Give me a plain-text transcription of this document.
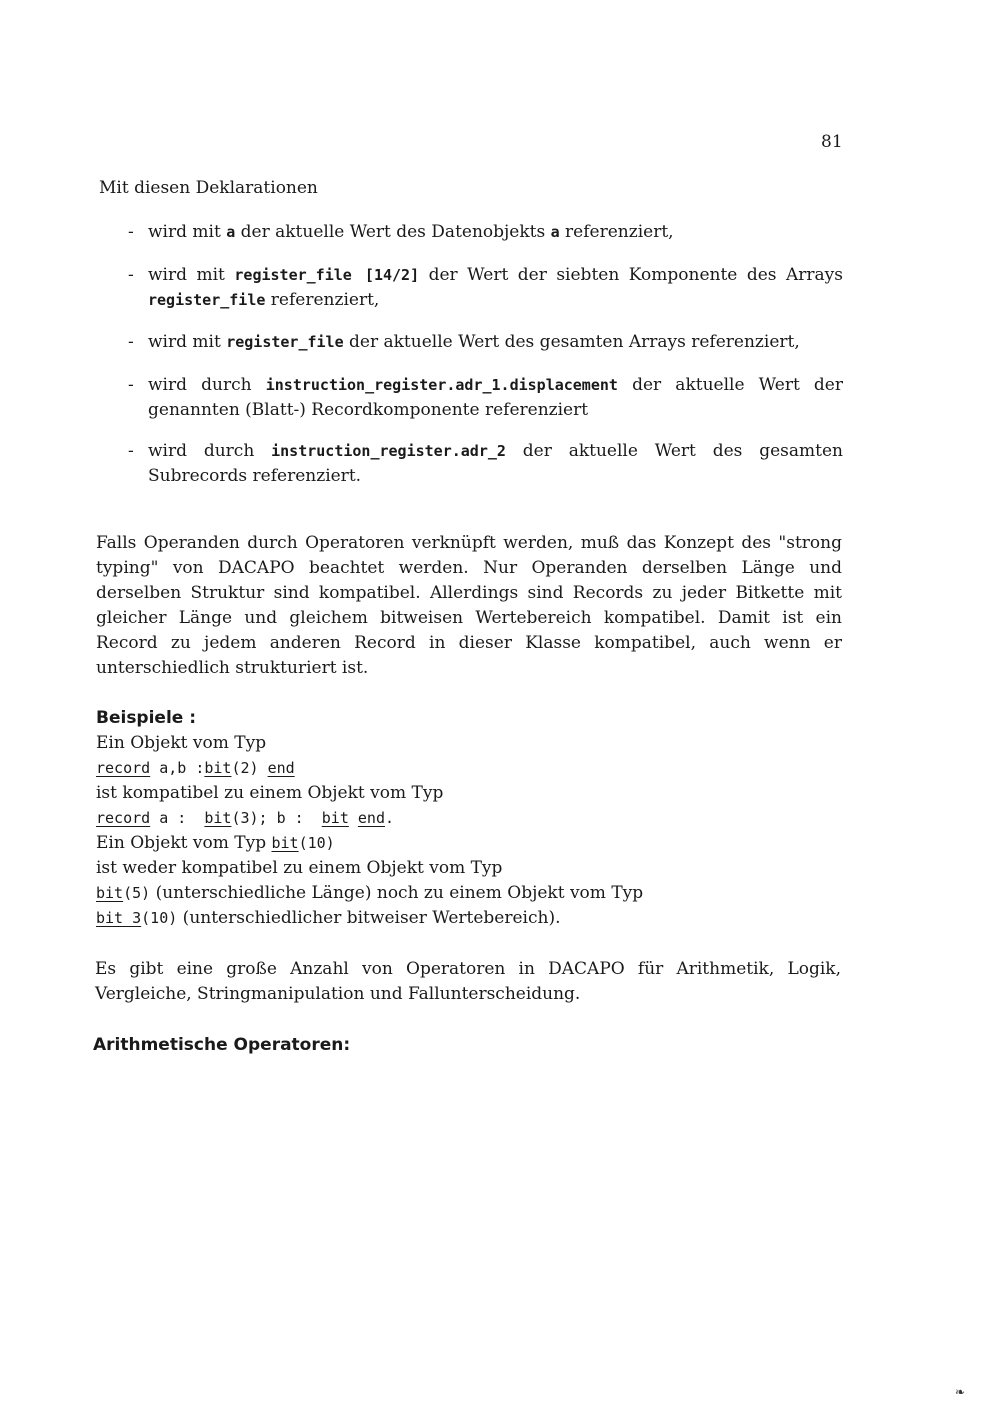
81
Mit diesen Deklarationen
- wird mit a der aktuelle Wert des Datenobjekts a referenziert,
- wird mit register_file [14/2] der Wert der siebten Komponente des Arrays register_file referenziert,
- wird mit register_file der aktuelle Wert des gesamten Arrays referenziert,
- wird durch instruction_register.adr_1.displacement der aktuelle Wert der genannten (Blatt-) Recordkomponente referenziert
- wird durch instruction_register.adr_2 der aktuelle Wert des gesamten Subrecords referenziert.
Falls Operanden durch Operatoren verknüpft werden, muß das Konzept des "strong typing" von DACAPO beachtet werden. Nur Operanden derselben Länge und derselben Struktur sind kompatibel. Allerdings sind Records zu jeder Bitkette mit gleicher Länge und gleichem bitweisen Wertebereich kompatibel. Damit ist ein Record zu jedem anderen Record in dieser Klasse kompatibel, auch wenn er unterschiedlich strukturiert ist.
Beispiele :
Ein Objekt vom Typ
record a,b :bit(2) end
ist kompatibel zu einem Objekt vom Typ
record a :  bit(3); b :  bit end.
Ein Objekt vom Typ bit(10)
ist weder kompatibel zu einem Objekt vom Typ
bit(5) (unterschiedliche Länge) noch zu einem Objekt vom Typ
bit_3(10) (unterschiedlicher bitweiser Wertebereich).
Es gibt eine große Anzahl von Operatoren in DACAPO für Arithmetik, Logik, Vergleiche, Stringmanipulation und Fallunterscheidung.
Arithmetische Operatoren:
❧
